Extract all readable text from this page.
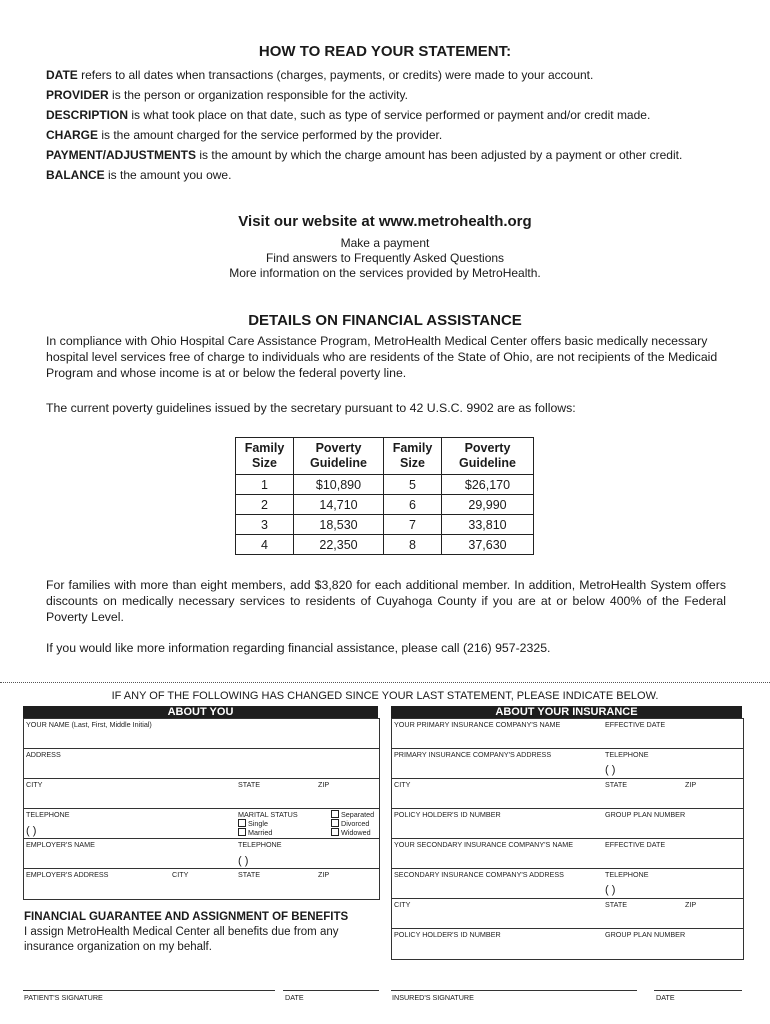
HOW TO READ YOUR STATEMENT:
DATE refers to all dates when transactions (charges, payments, or credits) were made to your account.
PROVIDER is the person or organization responsible for the activity.
DESCRIPTION is what took place on that date, such as type of service performed or payment and/or credit made.
CHARGE is the amount charged for the service performed by the provider.
PAYMENT/ADJUSTMENTS is the amount by which the charge amount has been adjusted by a payment or other credit.
BALANCE is the amount you owe.
Visit our website at www.metrohealth.org
Make a payment
Find answers to Frequently Asked Questions
More information on the services provided by MetroHealth.
DETAILS ON FINANCIAL ASSISTANCE
In compliance with Ohio Hospital Care Assistance Program, MetroHealth Medical Center offers basic medically necessary hospital level services free of charge to individuals who are residents of the State of Ohio, are not recipients of the Medicaid Program and whose income is at or below the federal poverty line.
The current poverty guidelines issued by the secretary pursuant to 42 U.S.C. 9902 are as follows:
Family Size	Poverty Guideline	Family Size	Poverty Guideline
1	$10,890	5	$26,170
2	14,710	6	29,990
3	18,530	7	33,810
4	22,350	8	37,630
For families with more than eight members, add $3,820 for each additional member. In addition, MetroHealth System offers discounts on medically necessary services to residents of Cuyahoga County if you are at or below 400% of the Federal Poverty Level.
If you would like more information regarding financial assistance, please call (216) 957-2325.
IF ANY OF THE FOLLOWING HAS CHANGED SINCE YOUR LAST STATEMENT, PLEASE INDICATE BELOW.
ABOUT YOU
YOUR NAME (Last, First, Middle Initial)
ADDRESS
CITY	STATE	ZIP
TELEPHONE
( )
MARITAL STATUS
Single
Married
Separated
Divorced
Widowed
EMPLOYER'S NAME	TELEPHONE
( )
EMPLOYER'S ADDRESS	CITY	STATE	ZIP
ABOUT YOUR INSURANCE
YOUR PRIMARY INSURANCE COMPANY'S NAME	EFFECTIVE DATE
PRIMARY INSURANCE COMPANY'S ADDRESS	TELEPHONE
( )
CITY	STATE	ZIP
POLICY HOLDER'S ID NUMBER	GROUP PLAN NUMBER
YOUR SECONDARY INSURANCE COMPANY'S NAME	EFFECTIVE DATE
SECONDARY INSURANCE COMPANY'S ADDRESS	TELEPHONE
( )
CITY	STATE	ZIP
POLICY HOLDER'S ID NUMBER	GROUP PLAN NUMBER
FINANCIAL GUARANTEE AND ASSIGNMENT OF BENEFITS
I assign MetroHealth Medical Center all benefits due from any insurance organization on my behalf.
PATIENT'S SIGNATURE	DATE	INSURED'S SIGNATURE	DATE
